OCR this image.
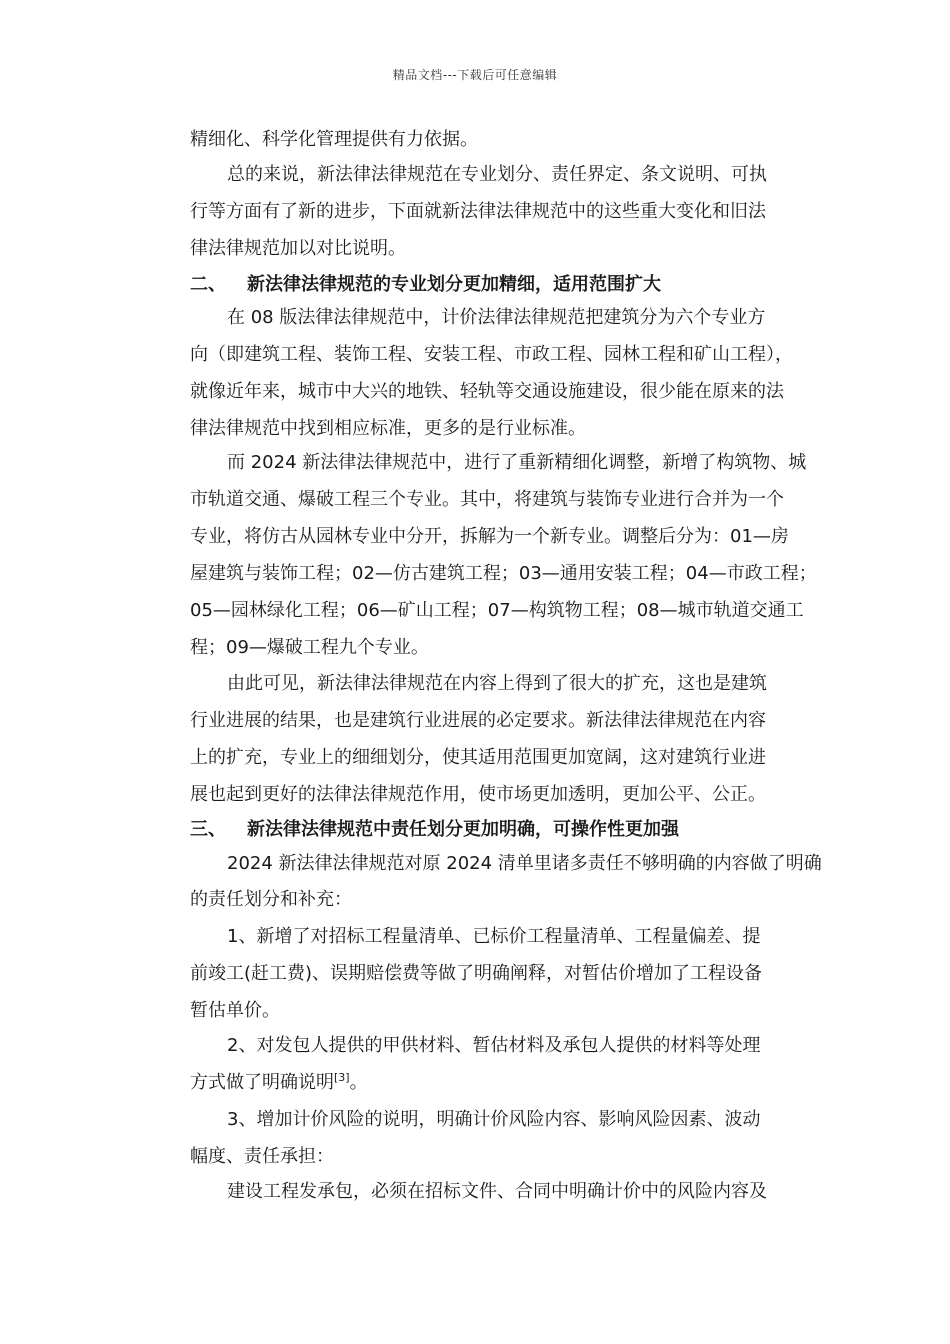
精品文档---下载后可任意编辑
精细化、科学化管理提供有力依据。
总的来说，新法律法律规范在专业划分、责任界定、条文说明、可执
行等方面有了新的进步，下面就新法律法律规范中的这些重大变化和旧法
律法律规范加以对比说明。
二、 新法律法律规范的专业划分更加精细，适用范围扩大
在 08 版法律法律规范中，计价法律法律规范把建筑分为六个专业方
向（即建筑工程、装饰工程、安装工程、市政工程、园林工程和矿山工程），
就像近年来，城市中大兴的地铁、轻轨等交通设施建设，很少能在原来的法
律法律规范中找到相应标准，更多的是行业标准。
而 2024 新法律法律规范中，进行了重新精细化调整，新增了构筑物、城
市轨道交通、爆破工程三个专业。其中，将建筑与装饰专业进行合并为一个
专业，将仿古从园林专业中分开，拆解为一个新专业。调整后分为：01—房
屋建筑与装饰工程；02—仿古建筑工程；03—通用安装工程；04—市政工程；
05—园林绿化工程；06—矿山工程；07—构筑物工程；08—城市轨道交通工
程；09—爆破工程九个专业。
由此可见，新法律法律规范在内容上得到了很大的扩充，这也是建筑
行业进展的结果，也是建筑行业进展的必定要求。新法律法律规范在内容
上的扩充，专业上的细细划分，使其适用范围更加宽阔，这对建筑行业进
展也起到更好的法律法律规范作用，使市场更加透明，更加公平、公正。
三、 新法律法律规范中责任划分更加明确，可操作性更加强
2024 新法律法律规范对原 2024 清单里诸多责任不够明确的内容做了明确
的责任划分和补充：
1、新增了对招标工程量清单、已标价工程量清单、工程量偏差、提
前竣工(赶工费)、误期赔偿费等做了明确阐释，对暂估价增加了工程设备
暂估单价。
2、对发包人提供的甲供材料、暂估材料及承包人提供的材料等处理
方式做了明确说明[3]。
3、增加计价风险的说明，明确计价风险内容、影响风险因素、波动
幅度、责任承担：
建设工程发承包，必须在招标文件、合同中明确计价中的风险内容及
